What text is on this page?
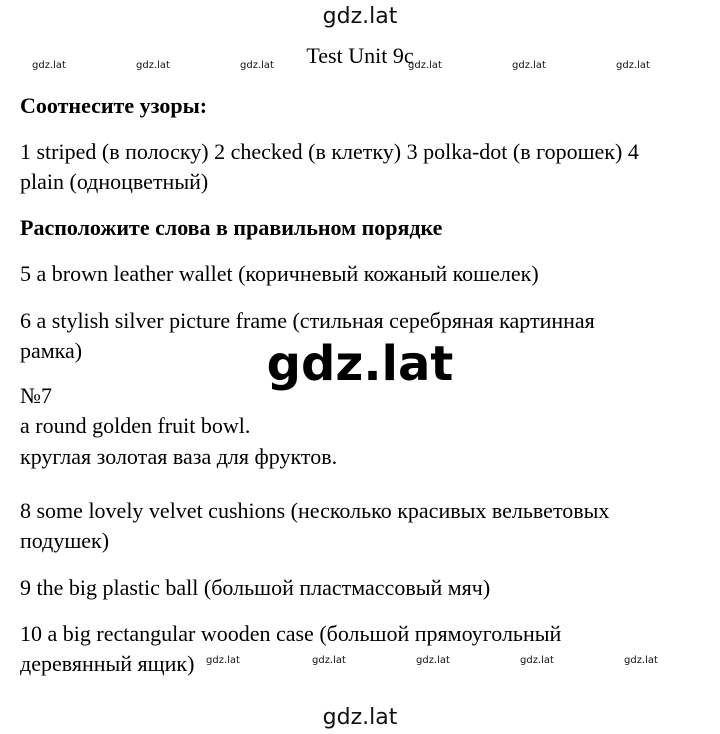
gdz.lat
gdz.lat	gdz.lat	gdz.lat	gdz.lat	gdz.lat	gdz.lat
Test Unit 9c
Соотнесите узоры:
1 striped (в полоску) 2 checked (в клетку) 3 polka-dot (в горошек) 4
plain (одноцветный)
Расположите слова в правильном порядке
5 a brown leather wallet (коричневый кожаный кошелек)
6 a stylish silver picture frame (стильная серебряная картинная
рамка)	gdz.lat
№7
a round golden fruit bowl.
круглая золотая ваза для фруктов.
8 some lovely velvet cushions (несколько красивых вельветовых
подушек)
9 the big plastic ball (большой пластмассовый мяч)
10 a big rectangular wooden case (большой прямоугольный
деревянный ящик)	gdz.lat	gdz.lat	gdz.lat	gdz.lat	gdz.lat
gdz.lat
